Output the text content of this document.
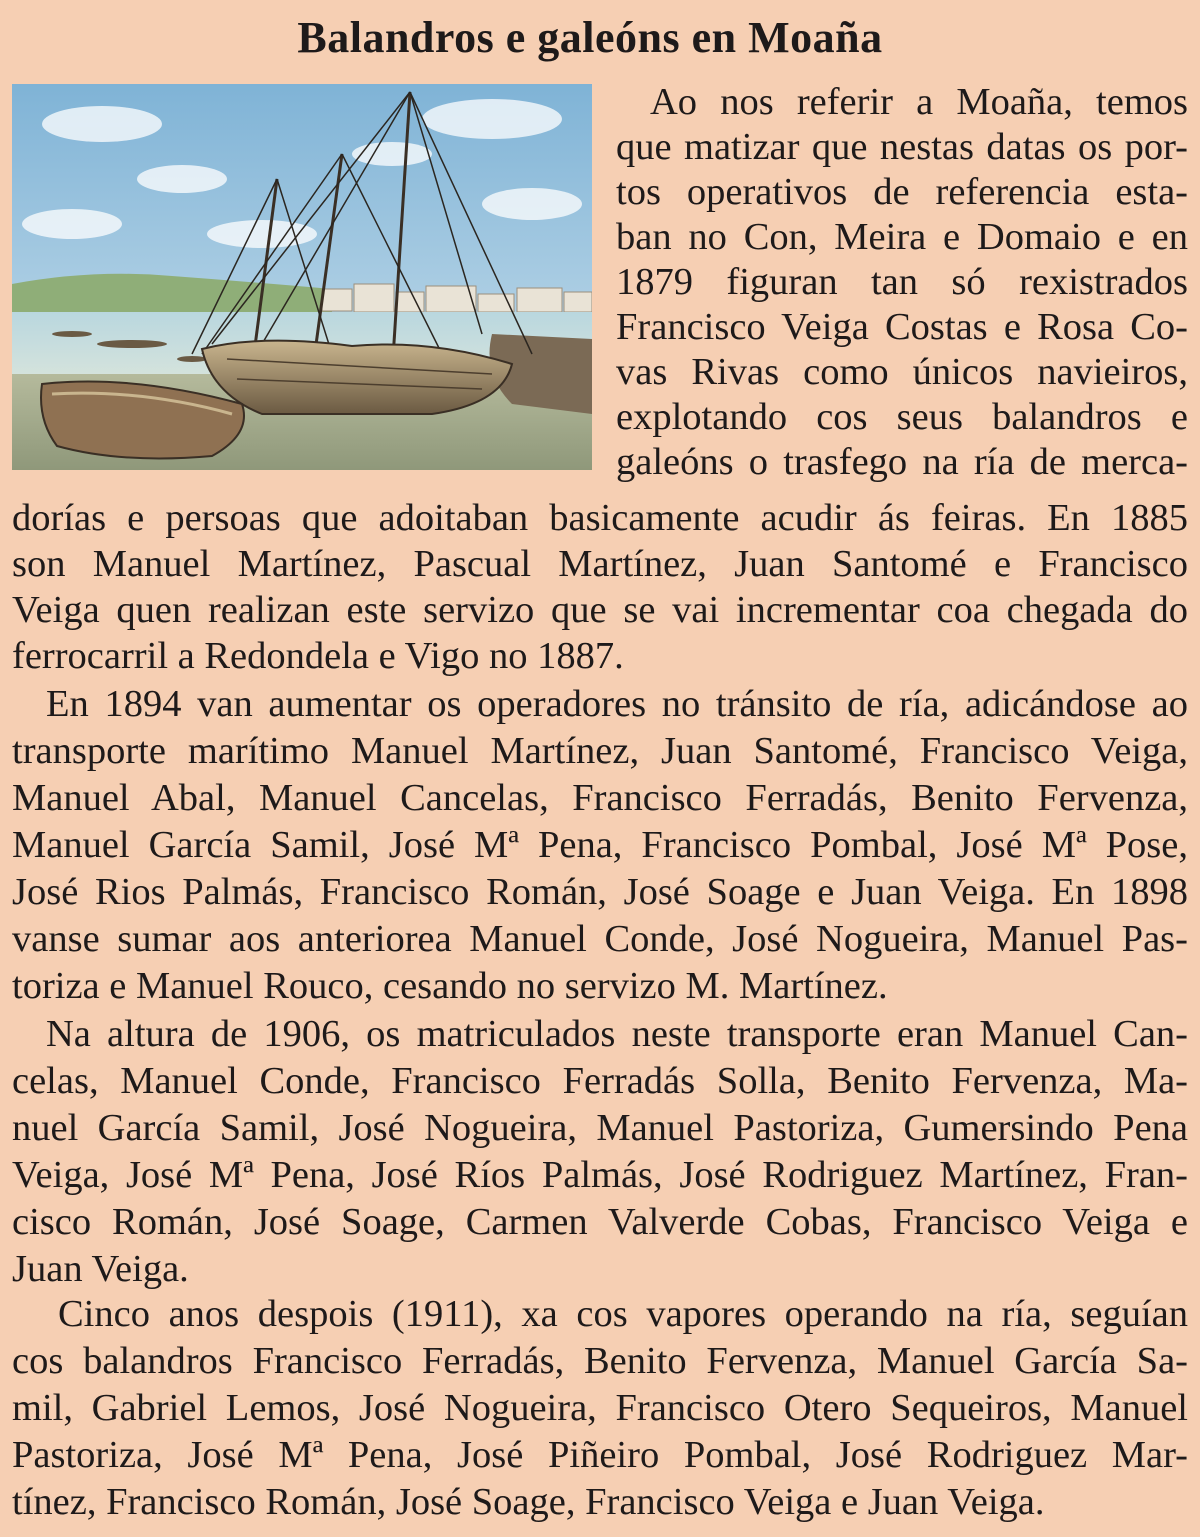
Balandros e galeóns en Moaña
Ao nos referir a Moaña, temos
que matizar que nestas datas os por-
tos operativos de referencia esta-
ban no Con, Meira e Domaio e en
1879 figuran tan só rexistrados
Francisco Veiga Costas e Rosa Co-
vas Rivas como únicos navieiros,
explotando cos seus balandros e
galeóns o trasfego na ría de merca-
dorías e persoas que adoitaban basicamente acudir ás feiras. En 1885
son Manuel Martínez, Pascual Martínez, Juan Santomé e Francisco
Veiga quen realizan este servizo que se vai incrementar coa chegada do
ferrocarril a Redondela e Vigo no 1887.
En 1894 van aumentar os operadores no tránsito de ría, adicándose ao
transporte marítimo Manuel Martínez, Juan Santomé, Francisco Veiga,
Manuel Abal, Manuel Cancelas, Francisco Ferradás, Benito Fervenza,
Manuel García Samil, José Mª Pena, Francisco Pombal, José Mª Pose,
José Rios Palmás, Francisco Román, José Soage e Juan Veiga. En 1898
vanse sumar aos anteriorea Manuel Conde, José Nogueira, Manuel Pas-
toriza e Manuel Rouco, cesando no servizo M. Martínez.
Na altura de 1906, os matriculados neste transporte eran Manuel Can-
celas, Manuel Conde, Francisco Ferradás Solla, Benito Fervenza, Ma-
nuel García Samil, José Nogueira, Manuel Pastoriza, Gumersindo Pena
Veiga, José Mª Pena, José Ríos Palmás, José Rodriguez Martínez, Fran-
cisco Román, José Soage, Carmen Valverde Cobas, Francisco Veiga e
Juan Veiga.
Cinco anos despois (1911), xa cos vapores operando na ría, seguían
cos balandros Francisco Ferradás, Benito Fervenza, Manuel García Sa-
mil, Gabriel Lemos, José Nogueira, Francisco Otero Sequeiros, Manuel
Pastoriza, José Mª Pena, José Piñeiro Pombal, José Rodriguez Mar-
tínez, Francisco Román, José Soage, Francisco Veiga e Juan Veiga.
